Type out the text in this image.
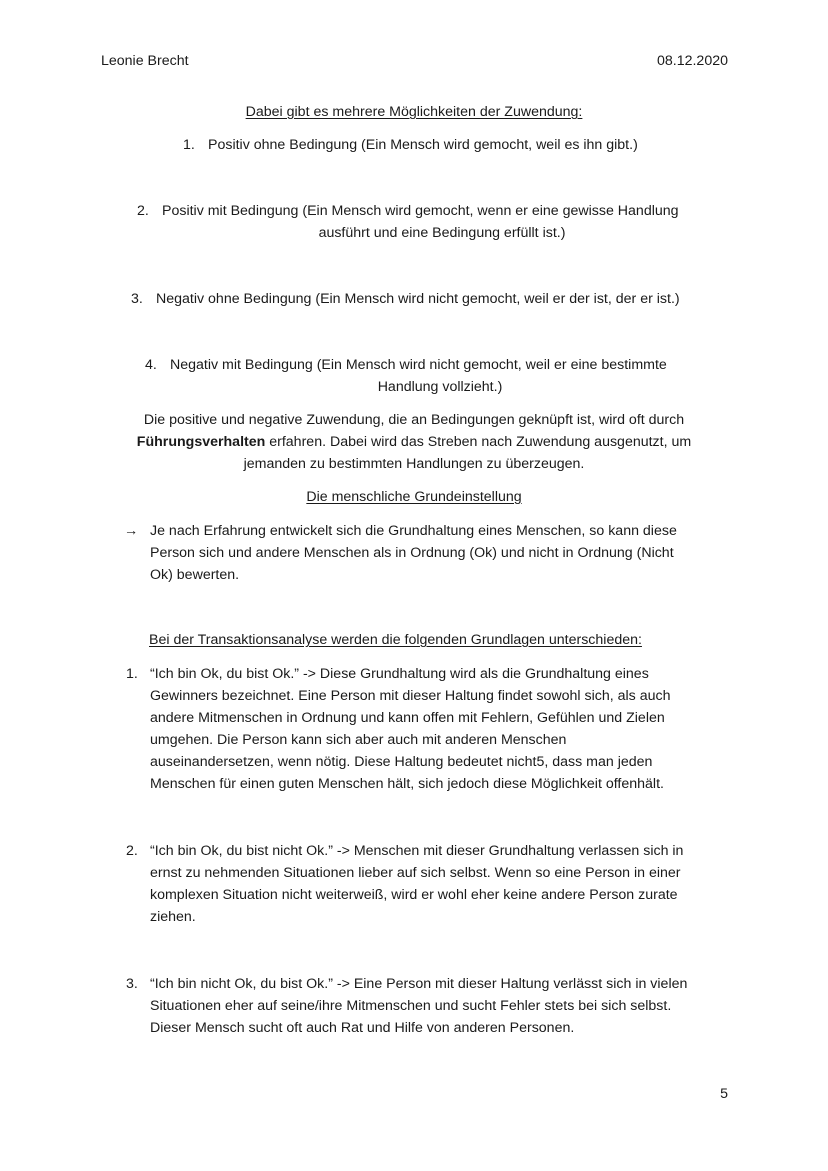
Leonie Brecht	08.12.2020
Dabei gibt es mehrere Möglichkeiten der Zuwendung:
1. Positiv ohne Bedingung (Ein Mensch wird gemocht, weil es ihn gibt.)
2. Positiv mit Bedingung (Ein Mensch wird gemocht, wenn er eine gewisse Handlung
ausführt und eine Bedingung erfüllt ist.)
3. Negativ ohne Bedingung (Ein Mensch wird nicht gemocht, weil er der ist, der er ist.)
4. Negativ mit Bedingung (Ein Mensch wird nicht gemocht, weil er eine bestimmte
Handlung vollzieht.)
Die positive und negative Zuwendung, die an Bedingungen geknüpft ist, wird oft durch
Führungsverhalten erfahren. Dabei wird das Streben nach Zuwendung ausgenutzt, um
jemanden zu bestimmten Handlungen zu überzeugen.
Die menschliche Grundeinstellung
→ Je nach Erfahrung entwickelt sich die Grundhaltung eines Menschen, so kann diese
Person sich und andere Menschen als in Ordnung (Ok) und nicht in Ordnung (Nicht
Ok) bewerten.
Bei der Transaktionsanalyse werden die folgenden Grundlagen unterschieden:
1. “Ich bin Ok, du bist Ok.” -> Diese Grundhaltung wird als die Grundhaltung eines
Gewinners bezeichnet. Eine Person mit dieser Haltung findet sowohl sich, als auch
andere Mitmenschen in Ordnung und kann offen mit Fehlern, Gefühlen und Zielen
umgehen. Die Person kann sich aber auch mit anderen Menschen
auseinandersetzen, wenn nötig. Diese Haltung bedeutet nicht5, dass man jeden
Menschen für einen guten Menschen hält, sich jedoch diese Möglichkeit offenhält.
2. “Ich bin Ok, du bist nicht Ok.” -> Menschen mit dieser Grundhaltung verlassen sich in
ernst zu nehmenden Situationen lieber auf sich selbst. Wenn so eine Person in einer
komplexen Situation nicht weiterweiß, wird er wohl eher keine andere Person zurate
ziehen.
3. “Ich bin nicht Ok, du bist Ok.” -> Eine Person mit dieser Haltung verlässt sich in vielen
Situationen eher auf seine/ihre Mitmenschen und sucht Fehler stets bei sich selbst.
Dieser Mensch sucht oft auch Rat und Hilfe von anderen Personen.
5
